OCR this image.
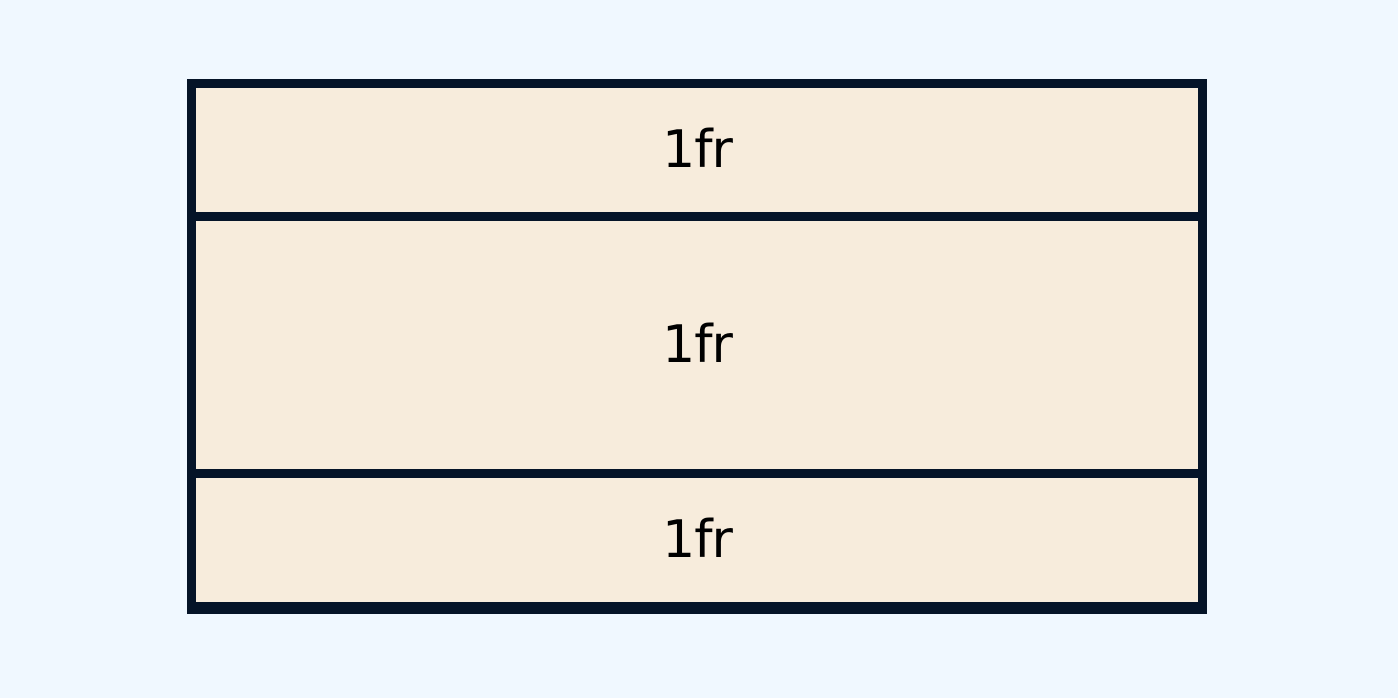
1fr
1fr
1fr
